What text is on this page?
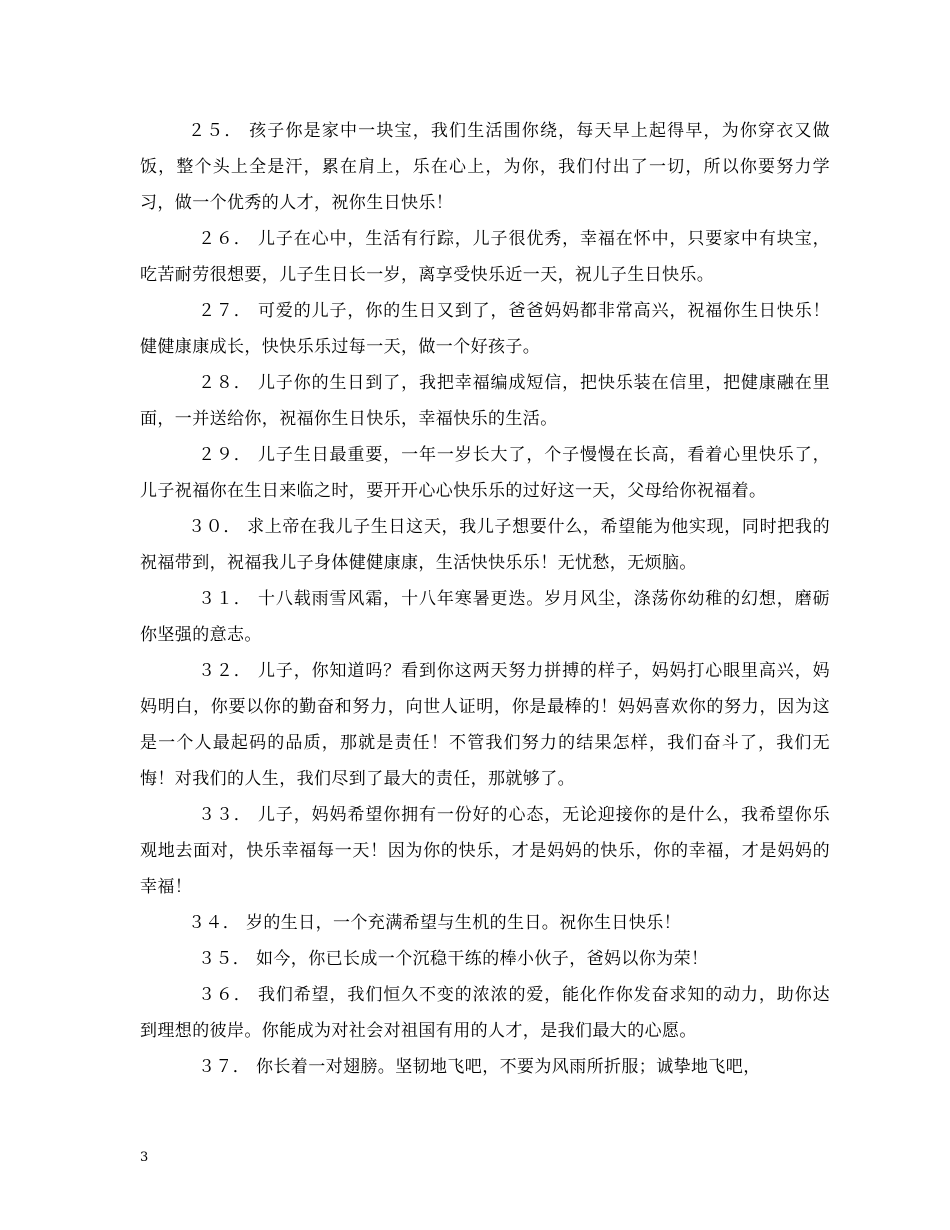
２５． 孩子你是家中一块宝，我们生活围你绕，每天早上起得早，为你穿衣又做饭，整个头上全是汗，累在肩上，乐在心上，为你，我们付出了一切，所以你要努力学习，做一个优秀的人才，祝你生日快乐！

２６． 儿子在心中，生活有行踪，儿子很优秀，幸福在怀中，只要家中有块宝，吃苦耐劳很想要，儿子生日长一岁，离享受快乐近一天，祝儿子生日快乐。

２７． 可爱的儿子，你的生日又到了，爸爸妈妈都非常高兴，祝福你生日快乐！健健康康成长，快快乐乐过每一天，做一个好孩子。

２８． 儿子你的生日到了，我把幸福编成短信，把快乐装在信里，把健康融在里面，一并送给你，祝福你生日快乐，幸福快乐的生活。

２９． 儿子生日最重要，一年一岁长大了，个子慢慢在长高，看着心里快乐了，儿子祝福你在生日来临之时，要开开心心快乐乐的过好这一天，父母给你祝福着。

３０． 求上帝在我儿子生日这天，我儿子想要什么，希望能为他实现，同时把我的祝福带到，祝福我儿子身体健健康康，生活快快乐乐！无忧愁，无烦脑。

３１． 十八载雨雪风霜，十八年寒暑更迭。岁月风尘，涤荡你幼稚的幻想，磨砺你坚强的意志。

３２． 儿子，你知道吗？看到你这两天努力拼搏的样子，妈妈打心眼里高兴，妈妈明白，你要以你的勤奋和努力，向世人证明，你是最棒的！妈妈喜欢你的努力，因为这是一个人最起码的品质，那就是责任！不管我们努力的结果怎样，我们奋斗了，我们无悔！对我们的人生，我们尽到了最大的责任，那就够了。

３３． 儿子，妈妈希望你拥有一份好的心态，无论迎接你的是什么，我希望你乐观地去面对，快乐幸福每一天！因为你的快乐，才是妈妈的快乐，你的幸福，才是妈妈的幸福！

３４． 岁的生日，一个充满希望与生机的生日。祝你生日快乐！

３５． 如今，你已长成一个沉稳干练的棒小伙子，爸妈以你为荣！

３６． 我们希望，我们恒久不变的浓浓的爱，能化作你发奋求知的动力，助你达到理想的彼岸。你能成为对社会对祖国有用的人才，是我们最大的心愿。

３７． 你长着一对翅膀。坚韧地飞吧，不要为风雨所折服；诚挚地飞吧，

3
